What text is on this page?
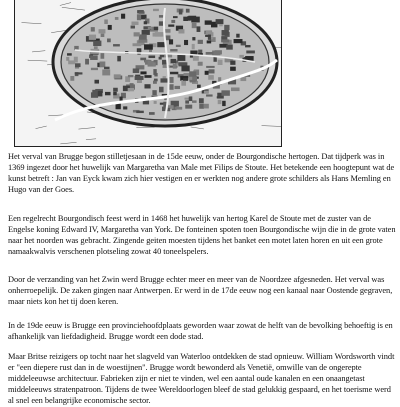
Het verval van Brugge begon stilletjesaan in de 15de eeuw, onder de Bourgondische hertogen. Dat tijdperk was in 1369 ingezet door het huwelijk van Margaretha van Male met Filips de Stoute. Het betekende een hoogtepunt wat de kunst betreft : Jan van Eyck kwam zich hier vestigen en er werkten nog andere grote schilders als Hans Memling en Hugo van der Goes.

Een regelrecht Bourgondisch feest werd in 1468 het huwelijk van hertog Karel de Stoute met de zuster van de Engelse koning Edward IV, Margaretha van York. De fonteinen spoten toen Bourgondische wijn die in de grote vaten naar het noorden was gebracht. Zingende geiten moesten tijdens het banket een motet laten horen en uit een grote namaakwalvis verschenen plotseling zowat 40 toneelspelers.

Door de verzanding van het Zwin werd Brugge echter meer en meer van de Noordzee afgesneden. Het verval was onherroepelijk. De zaken gingen naar Antwerpen. Er werd in de 17de eeuw nog een kanaal naar Oostende gegraven, maar niets kon het tij doen keren.

In de 19de eeuw is Brugge een provinciehoofdplaats geworden waar zowat de helft van de bevolking behoeftig is en afhankelijk van liefdadigheid. Brugge wordt een dode stad.

Maar Britse reizigers op tocht naar het slagveld van Waterloo ontdekken de stad opnieuw. William Wordsworth vindt er "een diepere rust dan in de woestijnen". Brugge wordt bewonderd als Venetië, omwille van de ongerepte middeleeuwse architectuur. Fabrieken zijn er niet te vinden, wel een aantal oude kanalen en een onaangetast middeleeuws stratenpatroon. Tijdens de twee Wereldoorlogen bleef de stad gelukkig gespaard, en het toerisme werd al snel een belangrijke economische sector.
